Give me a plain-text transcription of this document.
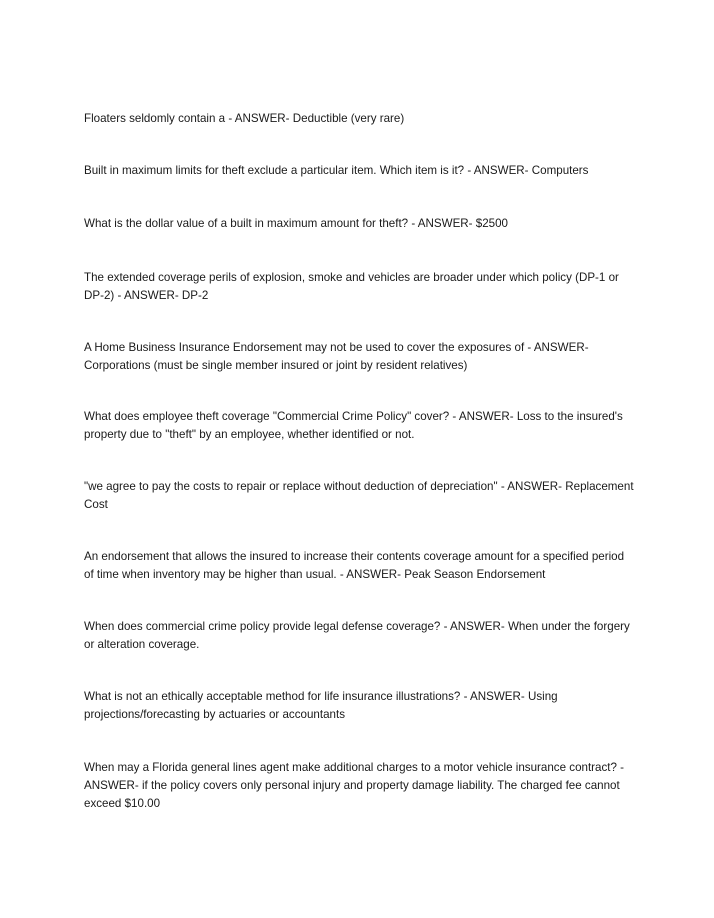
Floaters seldomly contain a - ANSWER- Deductible (very rare)

Built in maximum limits for theft exclude a particular item. Which item is it? - ANSWER- Computers

What is the dollar value of a built in maximum amount for theft? - ANSWER- $2500

The extended coverage perils of explosion, smoke and vehicles are broader under which policy (DP-1 or DP-2) - ANSWER- DP-2

A Home Business Insurance Endorsement may not be used to cover the exposures of - ANSWER- Corporations (must be single member insured or joint by resident relatives)

What does employee theft coverage "Commercial Crime Policy" cover? - ANSWER- Loss to the insured's property due to "theft" by an employee, whether identified or not.

"we agree to pay the costs to repair or replace without deduction of depreciation" - ANSWER- Replacement Cost

An endorsement that allows the insured to increase their contents coverage amount for a specified period of time when inventory may be higher than usual. - ANSWER- Peak Season Endorsement

When does commercial crime policy provide legal defense coverage? - ANSWER- When under the forgery or alteration coverage.

What is not an ethically acceptable method for life insurance illustrations? - ANSWER- Using projections/forecasting by actuaries or accountants

When may a Florida general lines agent make additional charges to a motor vehicle insurance contract? - ANSWER- if the policy covers only personal injury and property damage liability. The charged fee cannot exceed $10.00
